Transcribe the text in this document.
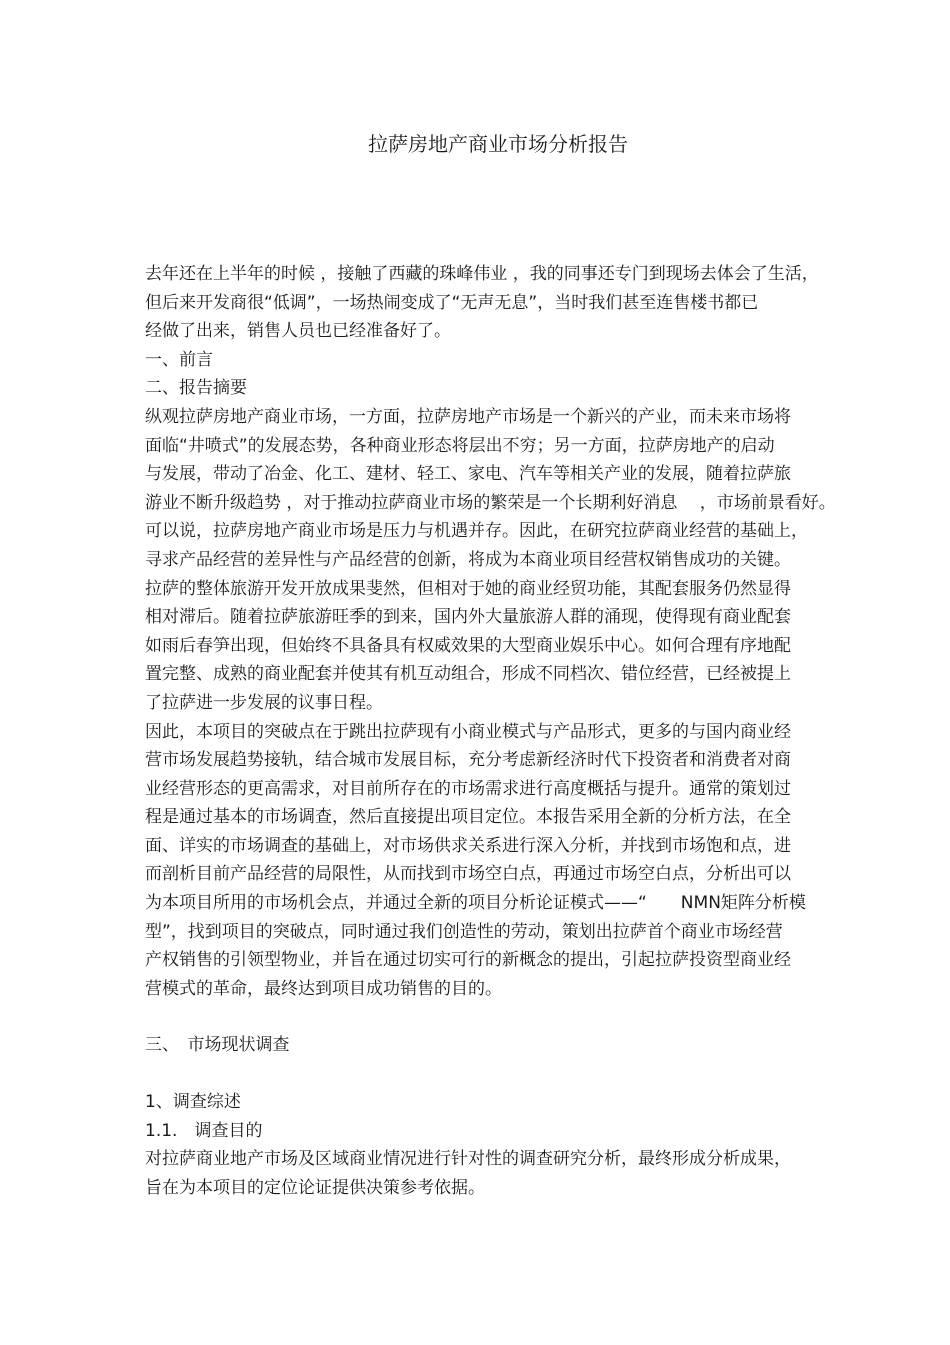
拉萨房地产商业市场分析报告
去年还在上半年的时候 ，接触了西藏的珠峰伟业 ，我的同事还专门到现场去体会了生活，
但后来开发商很“低调”，一场热闹变成了“无声无息”，当时我们甚至连售楼书都已
经做了出来，销售人员也已经准备好了。
一、前言
二、报告摘要
纵观拉萨房地产商业市场，一方面，拉萨房地产市场是一个新兴的产业，而未来市场将
面临“井喷式”的发展态势，各种商业形态将层出不穷；另一方面，拉萨房地产的启动
与发展，带动了冶金、化工、建材、轻工、家电、汽车等相关产业的发展，随着拉萨旅
游业不断升级趋势 ，对于推动拉萨商业市场的繁荣是一个长期利好消息 　，市场前景看好。
可以说，拉萨房地产商业市场是压力与机遇并存。因此，在研究拉萨商业经营的基础上，
寻求产品经营的差异性与产品经营的创新，将成为本商业项目经营权销售成功的关键。
拉萨的整体旅游开发开放成果斐然，但相对于她的商业经贸功能，其配套服务仍然显得
相对滞后。随着拉萨旅游旺季的到来，国内外大量旅游人群的涌现，使得现有商业配套
如雨后春笋出现，但始终不具备具有权威效果的大型商业娱乐中心。如何合理有序地配
置完整、成熟的商业配套并使其有机互动组合，形成不同档次、错位经营，已经被提上
了拉萨进一步发展的议事日程。
因此，本项目的突破点在于跳出拉萨现有小商业模式与产品形式，更多的与国内商业经
营市场发展趋势接轨，结合城市发展目标，充分考虑新经济时代下投资者和消费者对商
业经营形态的更高需求，对目前所存在的市场需求进行高度概括与提升。通常的策划过
程是通过基本的市场调查，然后直接提出项目定位。本报告采用全新的分析方法，在全
面、详实的市场调查的基础上，对市场供求关系进行深入分析，并找到市场饱和点，进
而剖析目前产品经营的局限性，从而找到市场空白点，再通过市场空白点，分析出可以
为本项目所用的市场机会点，并通过全新的项目分析论证模式——“　　NMN矩阵分析模
型”，找到项目的突破点，同时通过我们创造性的劳动，策划出拉萨首个商业市场经营
产权销售的引领型物业，并旨在通过切实可行的新概念的提出，引起拉萨投资型商业经
营模式的革命，最终达到项目成功销售的目的。
三、　市场现状调查
1、调查综述
1.1.　调查目的
对拉萨商业地产市场及区域商业情况进行针对性的调查研究分析，最终形成分析成果，
旨在为本项目的定位论证提供决策参考依据。
